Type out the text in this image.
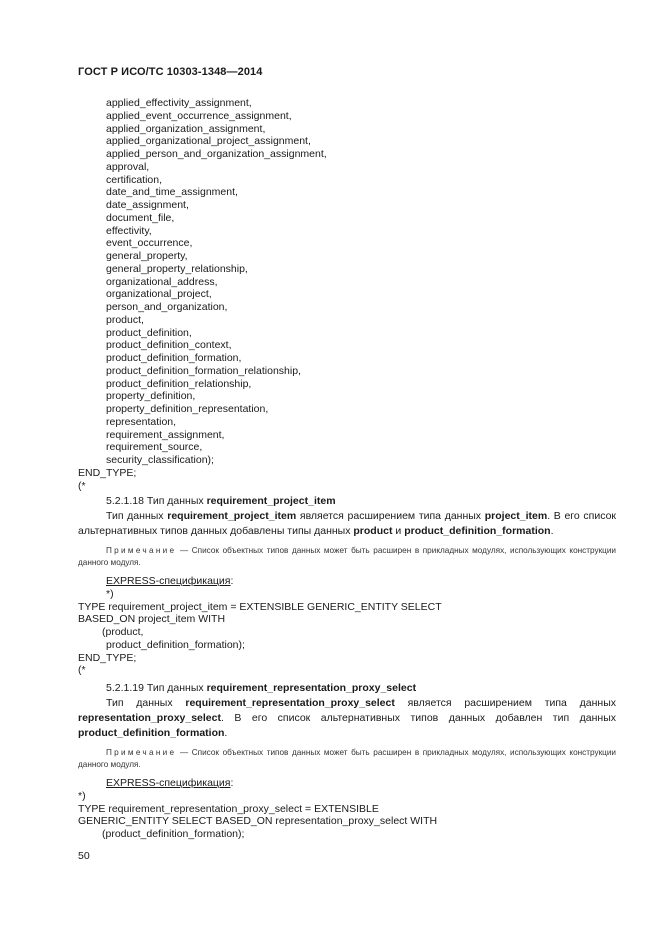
ГОСТ Р ИСО/ТС 10303-1348—2014
applied_effectivity_assignment,
applied_event_occurrence_assignment,
applied_organization_assignment,
applied_organizational_project_assignment,
applied_person_and_organization_assignment,
approval,
certification,
date_and_time_assignment,
date_assignment,
document_file,
effectivity,
event_occurrence,
general_property,
general_property_relationship,
organizational_address,
organizational_project,
person_and_organization,
product,
product_definition,
product_definition_context,
product_definition_formation,
product_definition_formation_relationship,
product_definition_relationship,
property_definition,
property_definition_representation,
representation,
requirement_assignment,
requirement_source,
security_classification);
END_TYPE;
(*
5.2.1.18 Тип данных requirement_project_item
Тип данных requirement_project_item является расширением типа данных project_item. В его список альтернативных типов данных добавлены типы данных product и product_definition_formation.
Примечание — Список объектных типов данных может быть расширен в прикладных модулях, использующих конструкции данного модуля.
EXPRESS-спецификация:
*)
TYPE requirement_project_item = EXTENSIBLE GENERIC_ENTITY SELECT
BASED_ON project_item WITH
(product,
product_definition_formation);
END_TYPE;
(*
5.2.1.19 Тип данных requirement_representation_proxy_select
Тип данных requirement_representation_proxy_select является расширением типа данных representation_proxy_select. В его список альтернативных типов данных добавлен тип данных product_definition_formation.
Примечание — Список объектных типов данных может быть расширен в прикладных модулях, использующих конструкции данного модуля.
EXPRESS-спецификация:
*)
TYPE requirement_representation_proxy_select = EXTENSIBLE
GENERIC_ENTITY SELECT BASED_ON representation_proxy_select WITH
(product_definition_formation);
50
